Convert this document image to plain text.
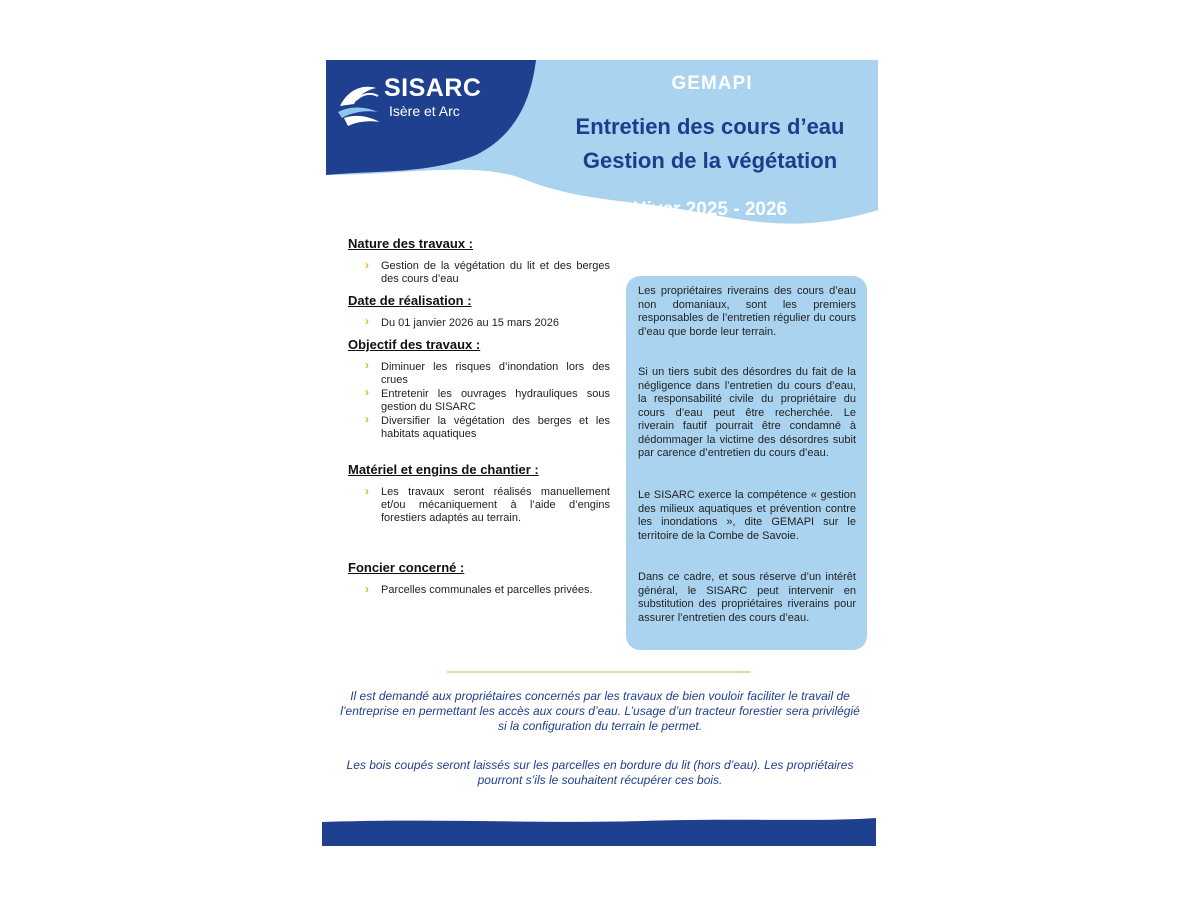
SISARC
Isère et Arc
GEMAPI
Entretien des cours d’eau
Gestion de la végétation
Hiver 2025 - 2026
Nature des travaux :
› Gestion de la végétation du lit et des berges des cours d’eau
Date de réalisation :
› Du 01 janvier 2026 au 15 mars 2026
Objectif des travaux :
› Diminuer les risques d’inondation lors des crues
› Entretenir les ouvrages hydrauliques sous gestion du SISARC
› Diversifier la végétation des berges et les habitats aquatiques
Matériel et engins de chantier :
› Les travaux seront réalisés manuellement et/ou mécaniquement à l’aide d’engins forestiers adaptés au terrain.
Foncier concerné :
› Parcelles communales et parcelles privées.
Les propriétaires riverains des cours d’eau non domaniaux, sont les premiers responsables de l’entretien régulier du cours d’eau que borde leur terrain.
Si un tiers subit des désordres du fait de la négligence dans l’entretien du cours d’eau, la responsabilité civile du propriétaire du cours d’eau peut être recherchée. Le riverain fautif pourrait être condamné à dédommager la victime des désordres subit par carence d’entretien du cours d’eau.
Le SISARC exerce la compétence « gestion des milieux aquatiques et prévention contre les inondations », dite GEMAPI sur le territoire de la Combe de Savoie.
Dans ce cadre, et sous réserve d’un intérêt général, le SISARC peut intervenir en substitution des propriétaires riverains pour assurer l’entretien des cours d’eau.
Il est demandé aux propriétaires concernés par les travaux de bien vouloir faciliter le travail de l’entreprise en permettant les accès aux cours d’eau. L’usage d’un tracteur forestier sera privilégié si la configuration du terrain le permet.
Les bois coupés seront laissés sur les parcelles en bordure du lit (hors d’eau). Les propriétaires pourront s’ils le souhaitent récupérer ces bois.
